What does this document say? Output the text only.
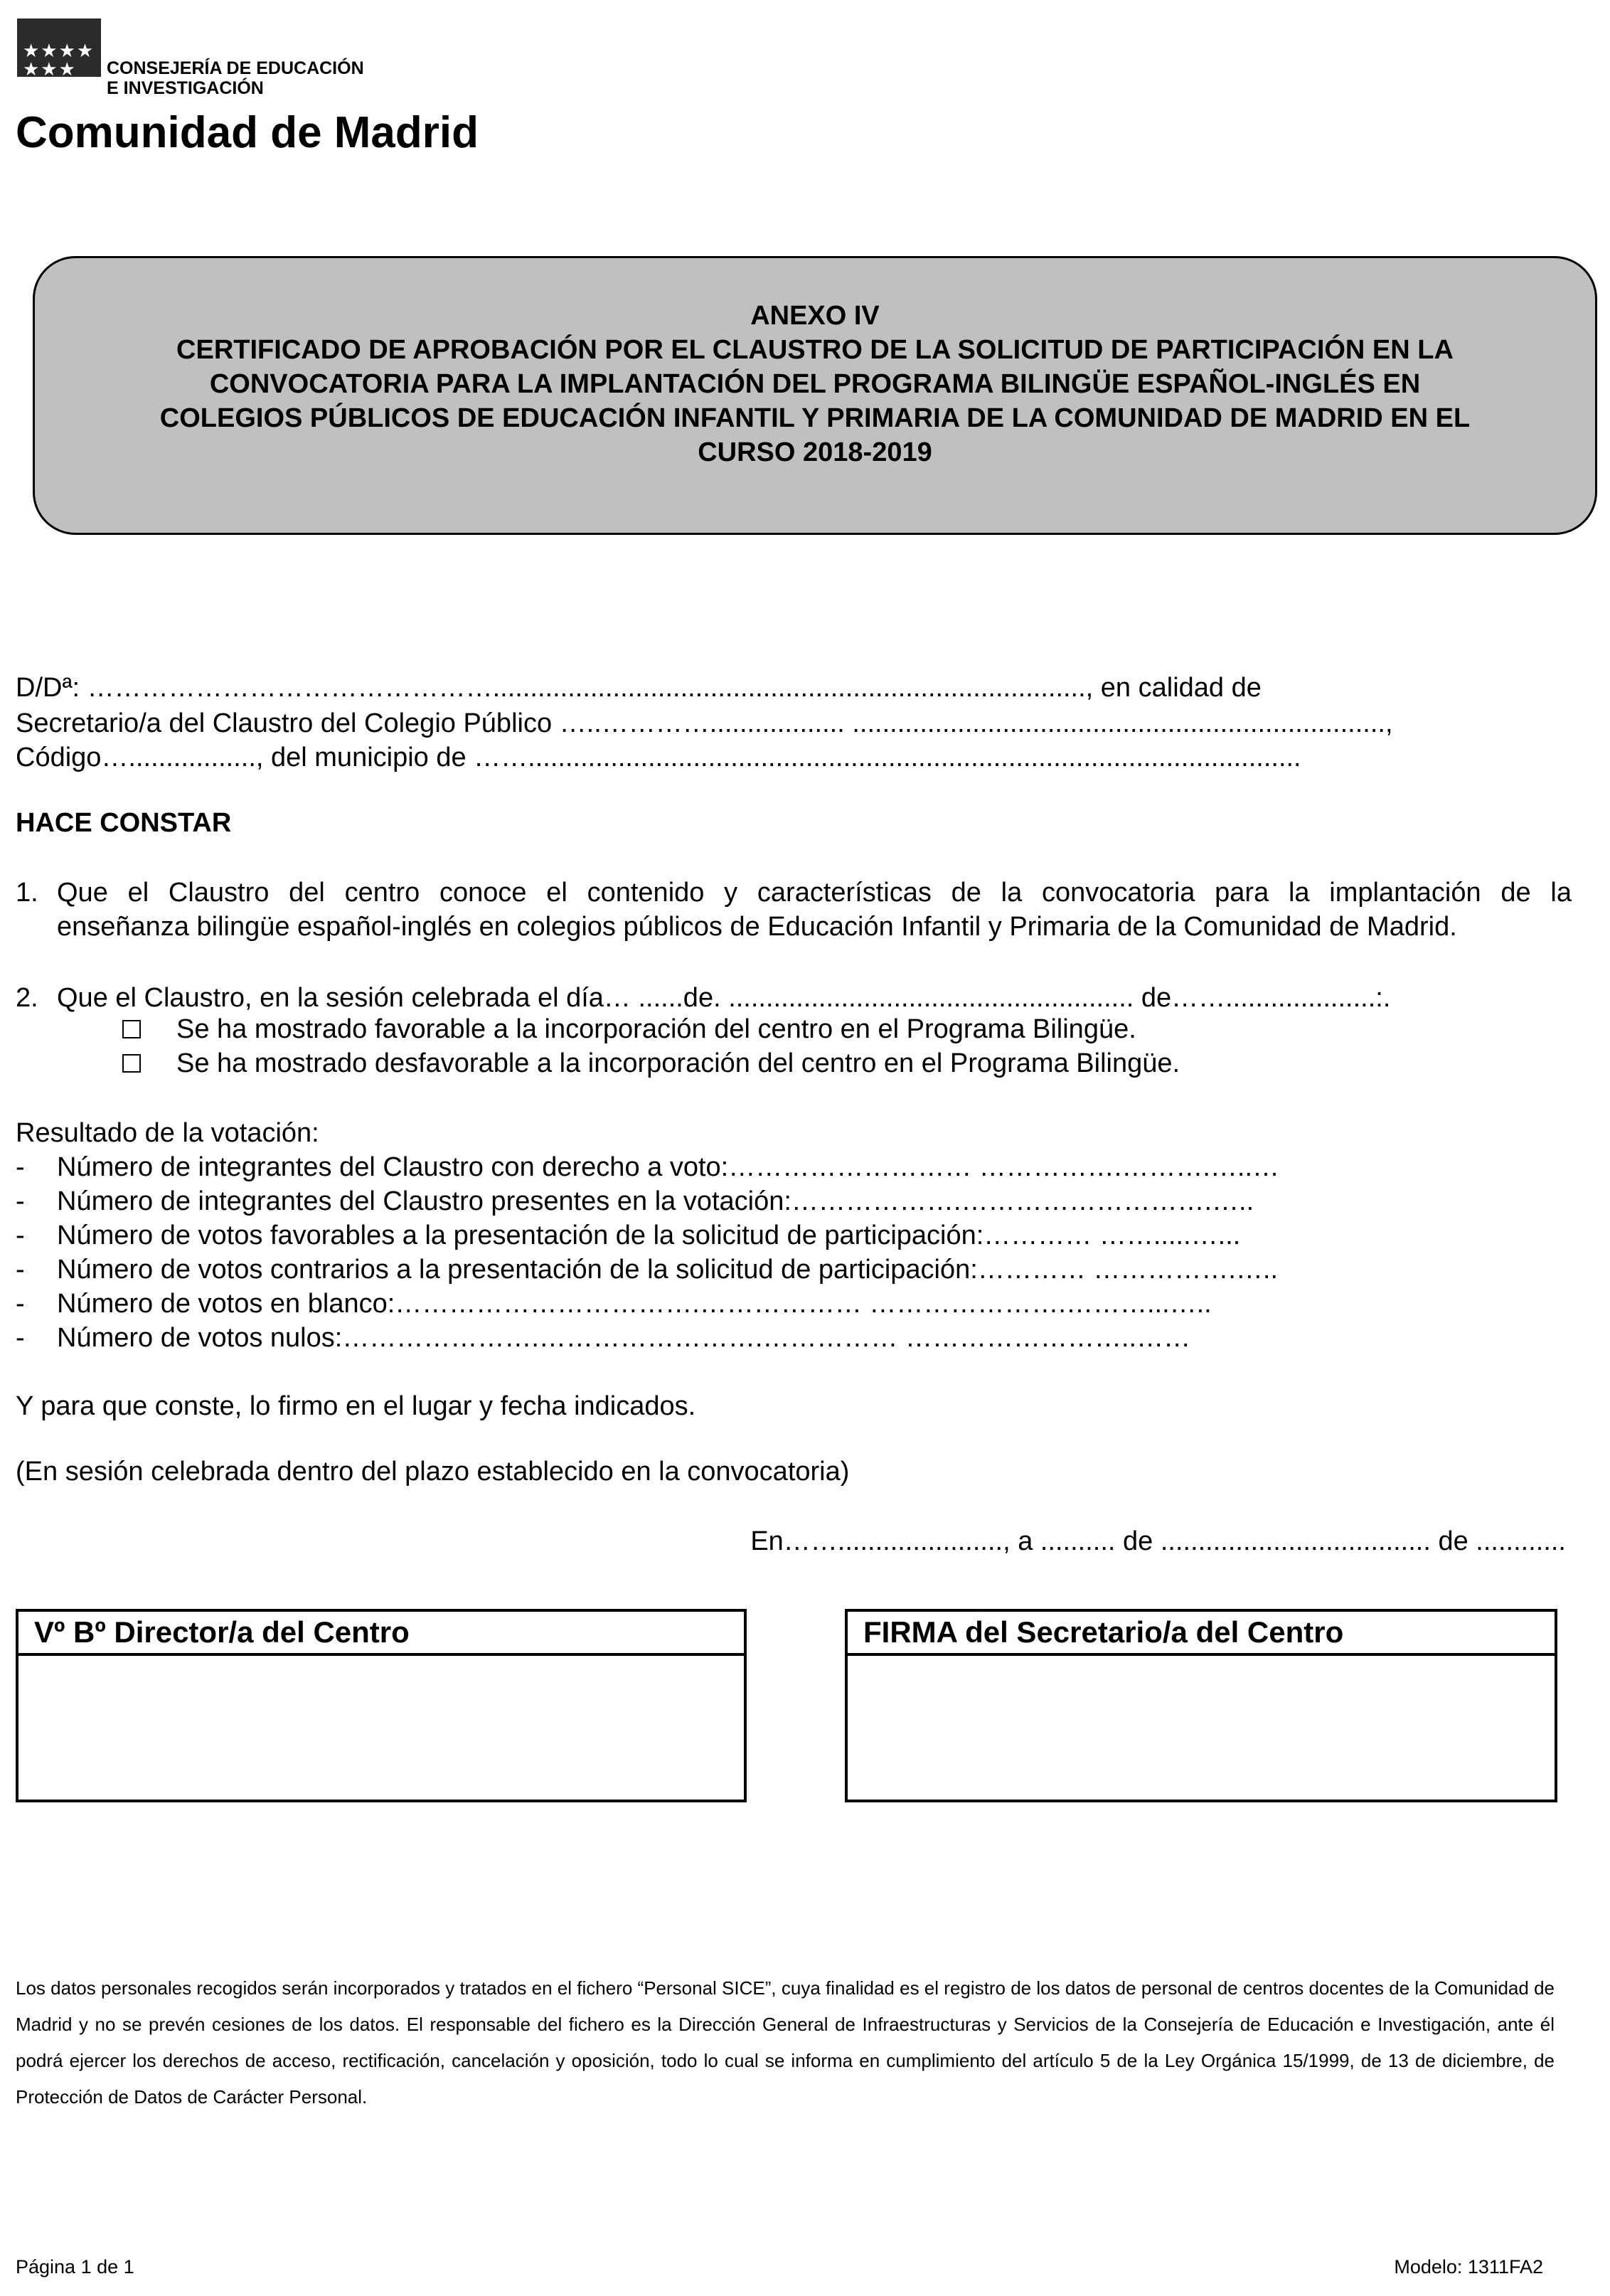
★★★★
★★★	CONSEJERÍA DE EDUCACIÓN
E INVESTIGACIÓN
Comunidad de Madrid
ANEXO IV
CERTIFICADO DE APROBACIÓN POR EL CLAUSTRO DE LA SOLICITUD DE PARTICIPACIÓN EN LA
CONVOCATORIA PARA LA IMPLANTACIÓN DEL PROGRAMA BILINGÜE ESPAÑOL-INGLÉS EN
COLEGIOS PÚBLICOS DE EDUCACIÓN INFANTIL Y PRIMARIA DE LA COMUNIDAD DE MADRID EN EL
CURSO 2018-2019
D/Dª: ………………………………………..............................................................................., en calidad de
Secretario/a del Claustro del Colegio Público …..………….................. .......................................................................,
Código…................., del municipio de …….......................................................................................................
HACE CONSTAR
1. Que el Claustro del centro conoce el contenido y características de la convocatoria para la implantación de la
enseñanza bilingüe español-inglés en colegios públicos de Educación Infantil y Primaria de la Comunidad de Madrid.
2. Que el Claustro, en la sesión celebrada el día… ......de. ...................................................... de……....................:.
Se ha mostrado favorable a la incorporación del centro en el Programa Bilingüe.
Se ha mostrado desfavorable a la incorporación del centro en el Programa Bilingüe.
Resultado de la votación:
- Número de integrantes del Claustro con derecho a voto:……………………… …………….……….…..…
- Número de integrantes del Claustro presentes en la votación:……………….……………………….…..
- Número de votos favorables a la presentación de la solicitud de participación:………… …….....…...
- Número de votos contrarios a la presentación de la solicitud de participación:………… …………….…..
- Número de votos en blanco:…………………………….……………… ………………….………...…..
- Número de votos nulos:………………….…………………….…………… ……………………..……
Y para que conste, lo firmo en el lugar y fecha indicados.
(En sesión celebrada dentro del plazo establecido en la convocatoria)
En……......................, a .......... de .................................... de ............
Vº Bº Director/a del Centro	FIRMA del Secretario/a del Centro
Los datos personales recogidos serán incorporados y tratados en el fichero “Personal SICE”, cuya finalidad es el registro de los datos de personal de centros docentes de la Comunidad de Madrid y no se prevén cesiones de los datos. El responsable del fichero es la Dirección General de Infraestructuras y Servicios de la Consejería de Educación e Investigación, ante él podrá ejercer los derechos de acceso, rectificación, cancelación y oposición, todo lo cual se informa en cumplimiento del artículo 5 de la Ley Orgánica 15/1999, de 13 de diciembre, de Protección de Datos de Carácter Personal.
Página 1 de 1	Modelo: 1311FA2
